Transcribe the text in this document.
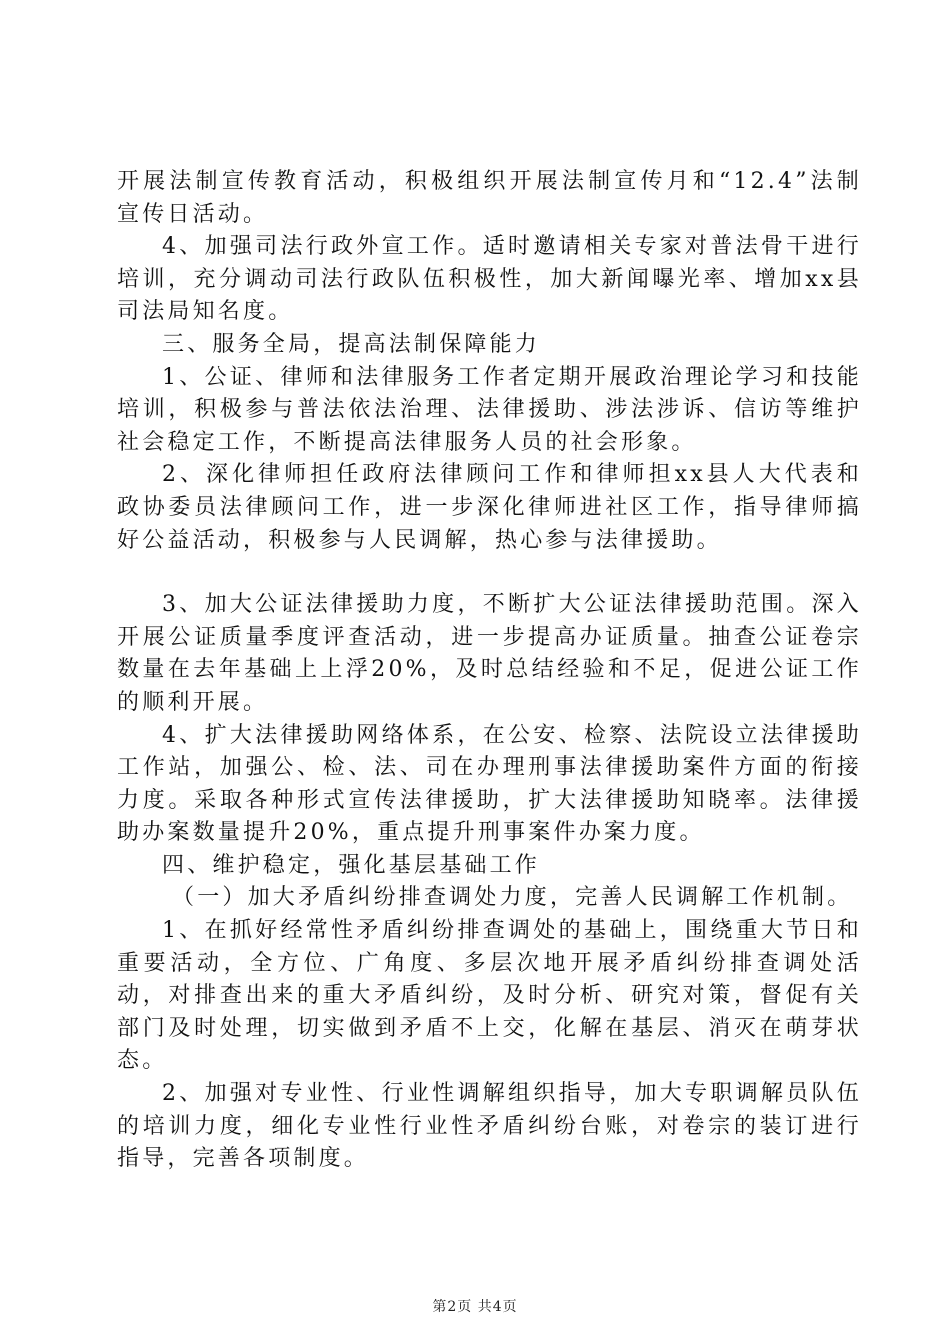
开展法制宣传教育活动，积极组织开展法制宣传月和“12.4”法制宣传日活动。

4、加强司法行政外宣工作。适时邀请相关专家对普法骨干进行培训，充分调动司法行政队伍积极性，加大新闻曝光率、增加xx县司法局知名度。

三、服务全局，提高法制保障能力

1、公证、律师和法律服务工作者定期开展政治理论学习和技能培训，积极参与普法依法治理、法律援助、涉法涉诉、信访等维护社会稳定工作，不断提高法律服务人员的社会形象。

2、深化律师担任政府法律顾问工作和律师担xx县人大代表和政协委员法律顾问工作，进一步深化律师进社区工作，指导律师搞好公益活动，积极参与人民调解，热心参与法律援助。

3、加大公证法律援助力度，不断扩大公证法律援助范围。深入开展公证质量季度评查活动，进一步提高办证质量。抽查公证卷宗数量在去年基础上上浮20%，及时总结经验和不足，促进公证工作的顺利开展。

4、扩大法律援助网络体系，在公安、检察、法院设立法律援助工作站，加强公、检、法、司在办理刑事法律援助案件方面的衔接力度。采取各种形式宣传法律援助，扩大法律援助知晓率。法律援助办案数量提升20%，重点提升刑事案件办案力度。

四、维护稳定，强化基层基础工作

（一）加大矛盾纠纷排查调处力度，完善人民调解工作机制。

1、在抓好经常性矛盾纠纷排查调处的基础上，围绕重大节日和重要活动，全方位、广角度、多层次地开展矛盾纠纷排查调处活动，对排查出来的重大矛盾纠纷，及时分析、研究对策，督促有关部门及时处理，切实做到矛盾不上交，化解在基层、消灭在萌芽状态。

2、加强对专业性、行业性调解组织指导，加大专职调解员队伍的培训力度，细化专业性行业性矛盾纠纷台账，对卷宗的装订进行指导，完善各项制度。

第2页 共4页
